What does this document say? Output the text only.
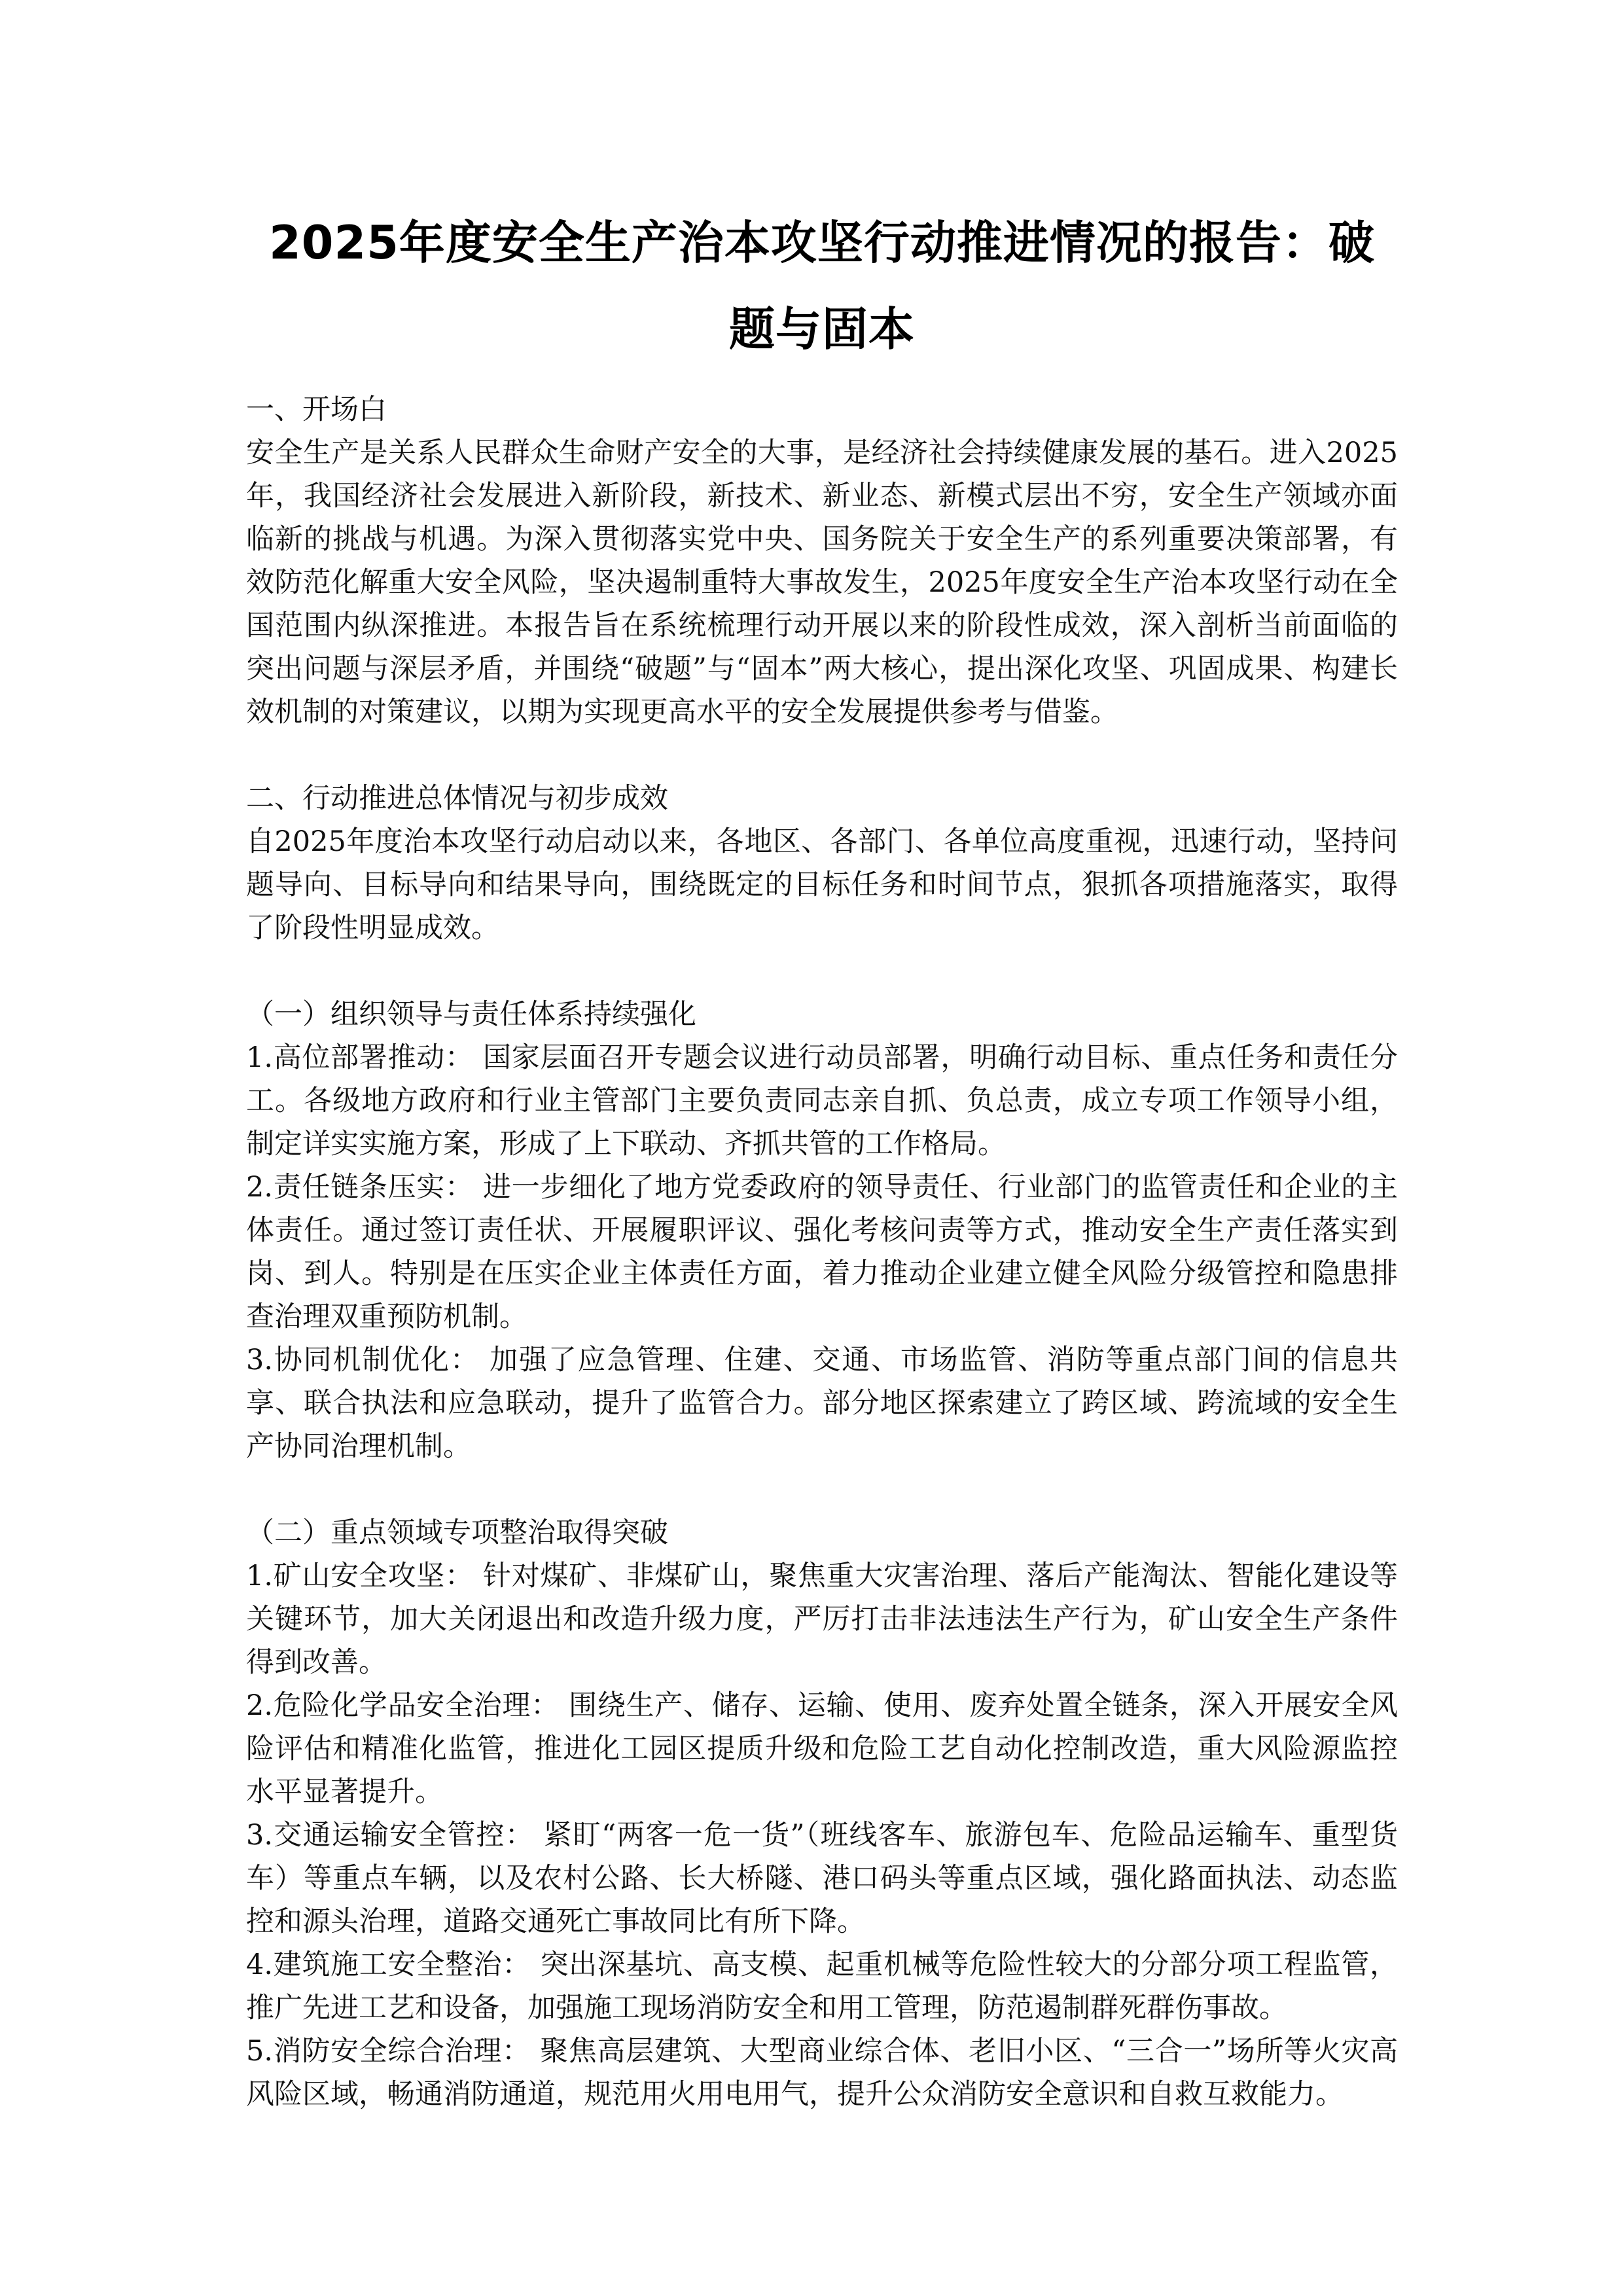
2025年度安全生产治本攻坚行动推进情况的报告：破题与固本

一、开场白

安全生产是关系人民群众生命财产安全的大事，是经济社会持续健康发展的基石。进入2025年，我国经济社会发展进入新阶段，新技术、新业态、新模式层出不穷，安全生产领域亦面临新的挑战与机遇。为深入贯彻落实党中央、国务院关于安全生产的系列重要决策部署，有效防范化解重大安全风险，坚决遏制重特大事故发生，2025年度安全生产治本攻坚行动在全国范围内纵深推进。本报告旨在系统梳理行动开展以来的阶段性成效，深入剖析当前面临的突出问题与深层矛盾，并围绕“破题”与“固本”两大核心，提出深化攻坚、巩固成果、构建长效机制的对策建议，以期为实现更高水平的安全发展提供参考与借鉴。

二、行动推进总体情况与初步成效

自2025年度治本攻坚行动启动以来，各地区、各部门、各单位高度重视，迅速行动，坚持问题导向、目标导向和结果导向，围绕既定的目标任务和时间节点，狠抓各项措施落实，取得了阶段性明显成效。

（一）组织领导与责任体系持续强化

1.高位部署推动： 国家层面召开专题会议进行动员部署，明确行动目标、重点任务和责任分工。各级地方政府和行业主管部门主要负责同志亲自抓、负总责，成立专项工作领导小组，制定详实实施方案，形成了上下联动、齐抓共管的工作格局。

2.责任链条压实： 进一步细化了地方党委政府的领导责任、行业部门的监管责任和企业的主体责任。通过签订责任状、开展履职评议、强化考核问责等方式，推动安全生产责任落实到岗、到人。特别是在压实企业主体责任方面，着力推动企业建立健全风险分级管控和隐患排查治理双重预防机制。

3.协同机制优化： 加强了应急管理、住建、交通、市场监管、消防等重点部门间的信息共享、联合执法和应急联动，提升了监管合力。部分地区探索建立了跨区域、跨流域的安全生产协同治理机制。

（二）重点领域专项整治取得突破

1.矿山安全攻坚： 针对煤矿、非煤矿山，聚焦重大灾害治理、落后产能淘汰、智能化建设等关键环节，加大关闭退出和改造升级力度，严厉打击非法违法生产行为，矿山安全生产条件得到改善。

2.危险化学品安全治理： 围绕生产、储存、运输、使用、废弃处置全链条，深入开展安全风险评估和精准化监管，推进化工园区提质升级和危险工艺自动化控制改造，重大风险源监控水平显著提升。

3.交通运输安全管控： 紧盯“两客一危一货”（班线客车、旅游包车、危险品运输车、重型货车）等重点车辆，以及农村公路、长大桥隧、港口码头等重点区域，强化路面执法、动态监控和源头治理，道路交通死亡事故同比有所下降。

4.建筑施工安全整治： 突出深基坑、高支模、起重机械等危险性较大的分部分项工程监管，推广先进工艺和设备，加强施工现场消防安全和用工管理，防范遏制群死群伤事故。

5.消防安全综合治理： 聚焦高层建筑、大型商业综合体、老旧小区、“三合一”场所等火灾高风险区域，畅通消防通道，规范用火用电用气，提升公众消防安全意识和自救互救能力。
